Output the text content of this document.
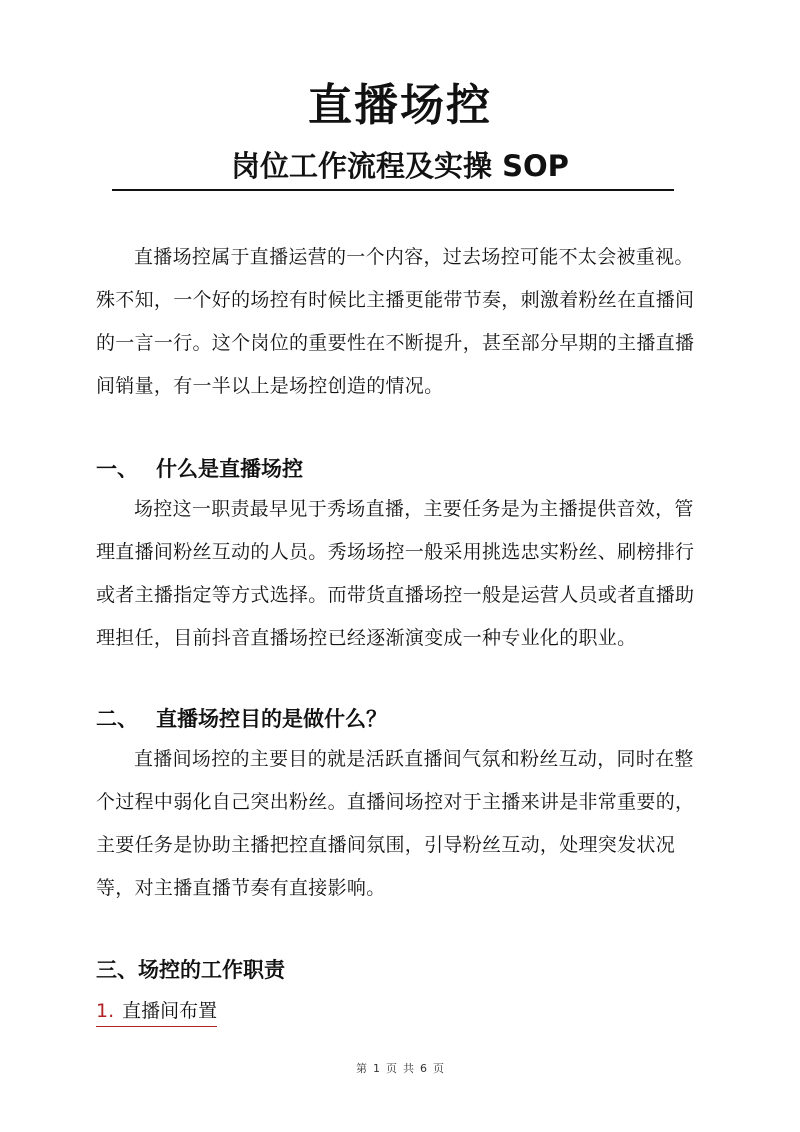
直播场控
岗位工作流程及实操 SOP

直播场控属于直播运营的一个内容，过去场控可能不太会被重视。殊不知，一个好的场控有时候比主播更能带节奏，刺激着粉丝在直播间的一言一行。这个岗位的重要性在不断提升，甚至部分早期的主播直播间销量，有一半以上是场控创造的情况。

一、 什么是直播场控

场控这一职责最早见于秀场直播，主要任务是为主播提供音效，管理直播间粉丝互动的人员。秀场场控一般采用挑选忠实粉丝、刷榜排行或者主播指定等方式选择。而带货直播场控一般是运营人员或者直播助理担任，目前抖音直播场控已经逐渐演变成一种专业化的职业。

二、 直播场控目的是做什么？

直播间场控的主要目的就是活跃直播间气氛和粉丝互动，同时在整个过程中弱化自己突出粉丝。直播间场控对于主播来讲是非常重要的，主要任务是协助主播把控直播间氛围，引导粉丝互动，处理突发状况等，对主播直播节奏有直接影响。

三、场控的工作职责
1. 直播间布置
第 1 页 共 6 页
